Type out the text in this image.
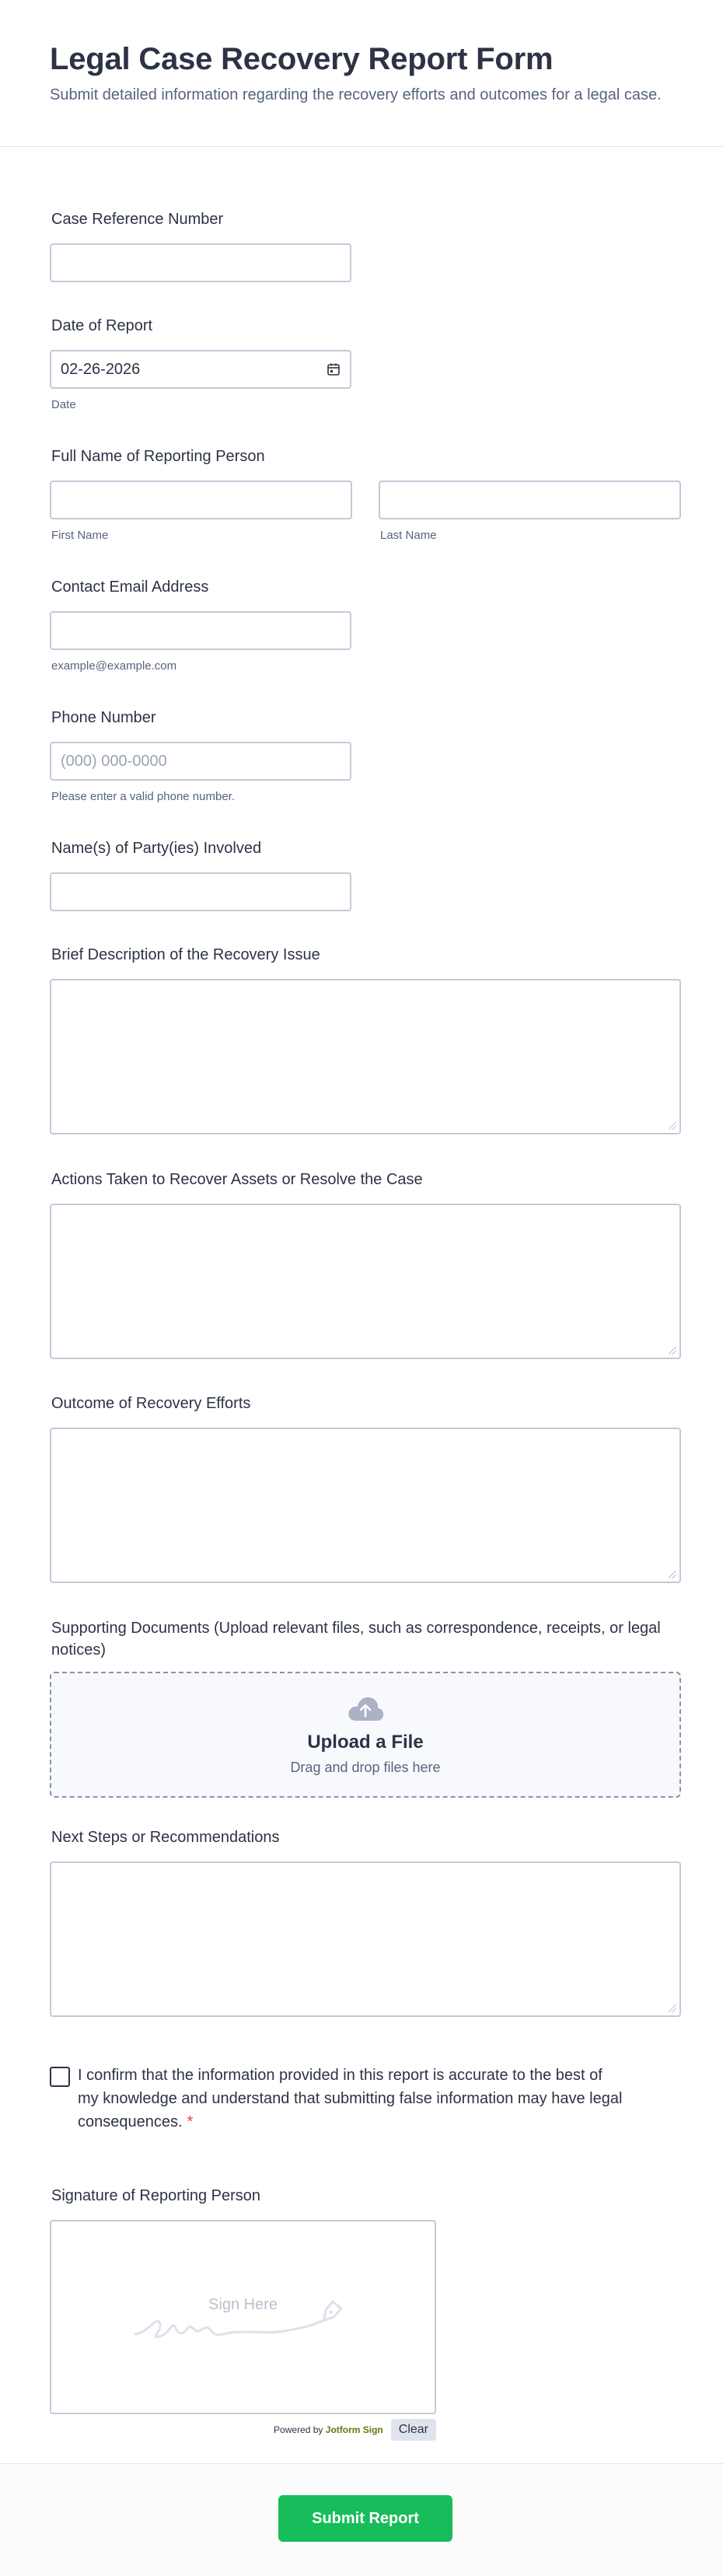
Legal Case Recovery Report Form

Submit detailed information regarding the recovery efforts and outcomes for a legal case.

Case Reference Number
Date of Report
02-26-2026
Date
Full Name of Reporting Person
First Name	Last Name
Contact Email Address
example@example.com
Phone Number
(000) 000-0000
Please enter a valid phone number.
Name(s) of Party(ies) Involved
Brief Description of the Recovery Issue
Actions Taken to Recover Assets or Resolve the Case
Outcome of Recovery Efforts
Supporting Documents (Upload relevant files, such as correspondence, receipts, or legal notices)
Upload a File
Drag and drop files here
Next Steps or Recommendations
I confirm that the information provided in this report is accurate to the best of my knowledge and understand that submitting false information may have legal consequences. *
Signature of Reporting Person
Sign Here
Powered by Jotform Sign	Clear
Submit Report
